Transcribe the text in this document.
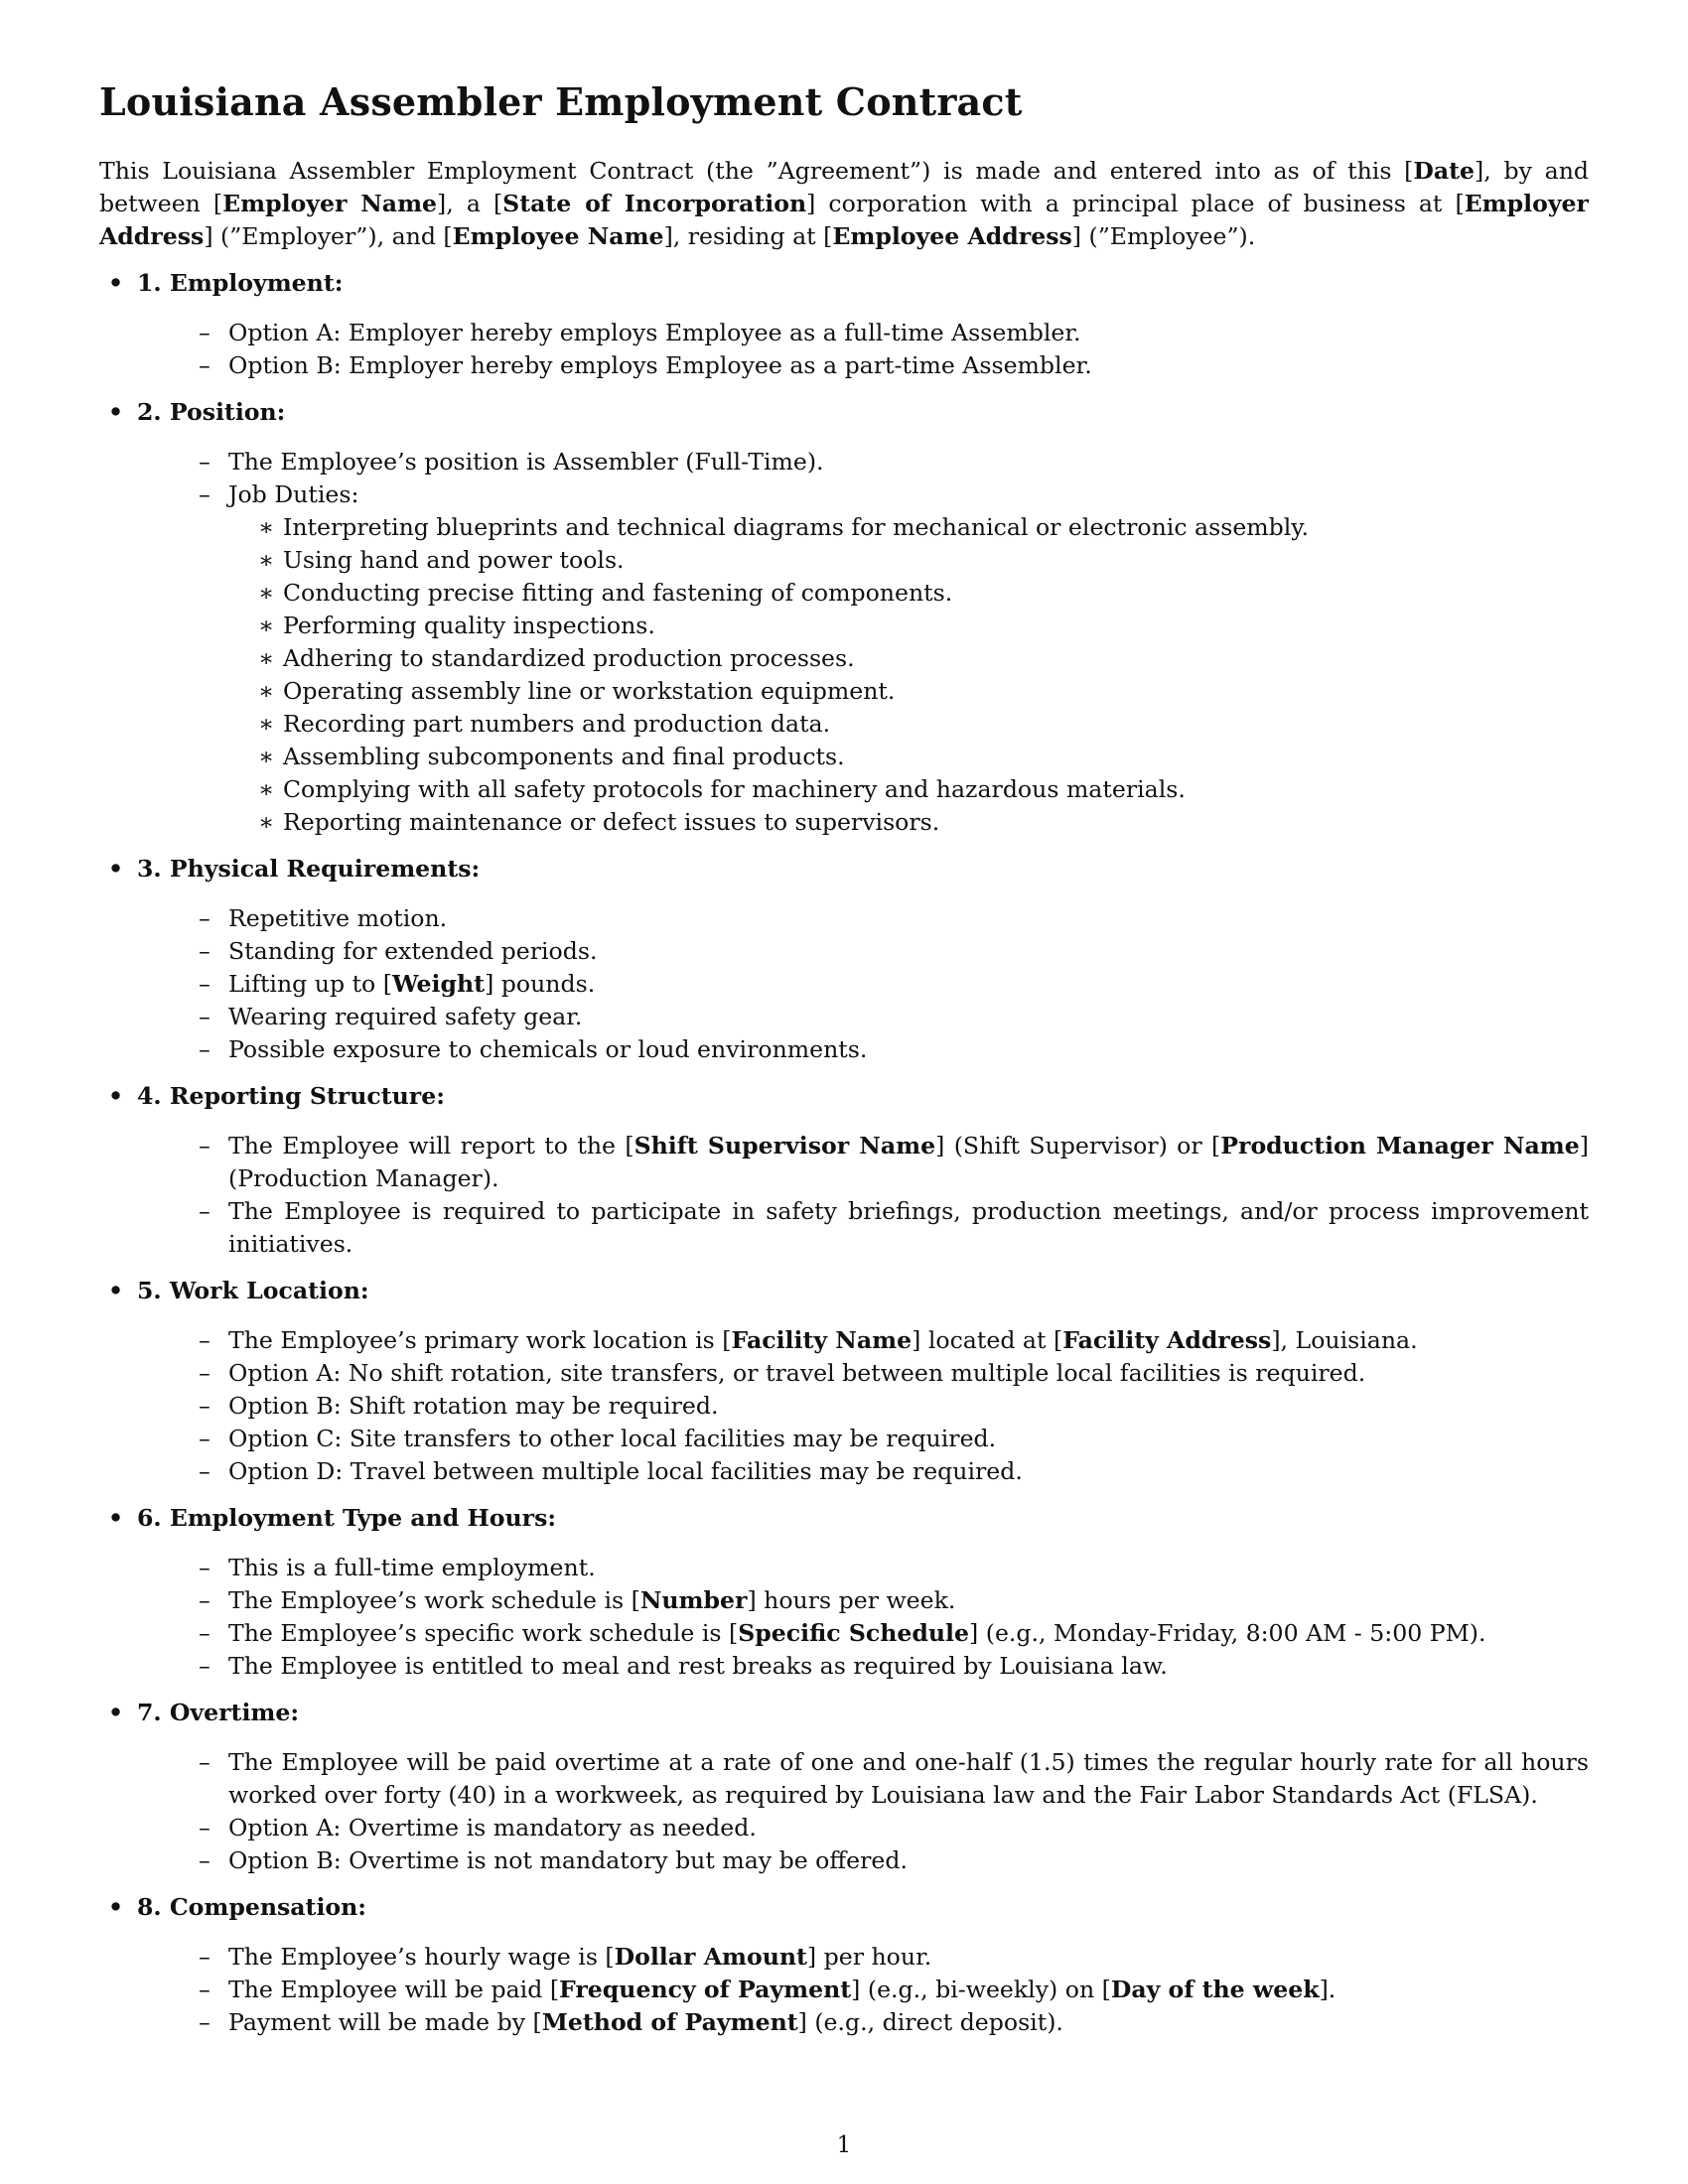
Louisiana Assembler Employment Contract

This Louisiana Assembler Employment Contract (the ”Agreement”) is made and entered into as of this [Date], by and between [Employer Name], a [State of Incorporation] corporation with a principal place of business at [Employer Address] (”Employer”), and [Employee Name], residing at [Employee Address] (”Employee”).

• 1. Employment:
– Option A: Employer hereby employs Employee as a full-time Assembler.
– Option B: Employer hereby employs Employee as a part-time Assembler.
• 2. Position:
– The Employee’s position is Assembler (Full-Time).
– Job Duties:
∗ Interpreting blueprints and technical diagrams for mechanical or electronic assembly.
∗ Using hand and power tools.
∗ Conducting precise fitting and fastening of components.
∗ Performing quality inspections.
∗ Adhering to standardized production processes.
∗ Operating assembly line or workstation equipment.
∗ Recording part numbers and production data.
∗ Assembling subcomponents and final products.
∗ Complying with all safety protocols for machinery and hazardous materials.
∗ Reporting maintenance or defect issues to supervisors.
• 3. Physical Requirements:
– Repetitive motion.
– Standing for extended periods.
– Lifting up to [Weight] pounds.
– Wearing required safety gear.
– Possible exposure to chemicals or loud environments.
• 4. Reporting Structure:
– The Employee will report to the [Shift Supervisor Name] (Shift Supervisor) or [Production Manager Name] (Production Manager).
– The Employee is required to participate in safety briefings, production meetings, and/or process improvement initiatives.
• 5. Work Location:
– The Employee’s primary work location is [Facility Name] located at [Facility Address], Louisiana.
– Option A: No shift rotation, site transfers, or travel between multiple local facilities is required.
– Option B: Shift rotation may be required.
– Option C: Site transfers to other local facilities may be required.
– Option D: Travel between multiple local facilities may be required.
• 6. Employment Type and Hours:
– This is a full-time employment.
– The Employee’s work schedule is [Number] hours per week.
– The Employee’s specific work schedule is [Specific Schedule] (e.g., Monday-Friday, 8:00 AM - 5:00 PM).
– The Employee is entitled to meal and rest breaks as required by Louisiana law.
• 7. Overtime:
– The Employee will be paid overtime at a rate of one and one-half (1.5) times the regular hourly rate for all hours worked over forty (40) in a workweek, as required by Louisiana law and the Fair Labor Standards Act (FLSA).
– Option A: Overtime is mandatory as needed.
– Option B: Overtime is not mandatory but may be offered.
• 8. Compensation:
– The Employee’s hourly wage is [Dollar Amount] per hour.
– The Employee will be paid [Frequency of Payment] (e.g., bi-weekly) on [Day of the week].
– Payment will be made by [Method of Payment] (e.g., direct deposit).
1
